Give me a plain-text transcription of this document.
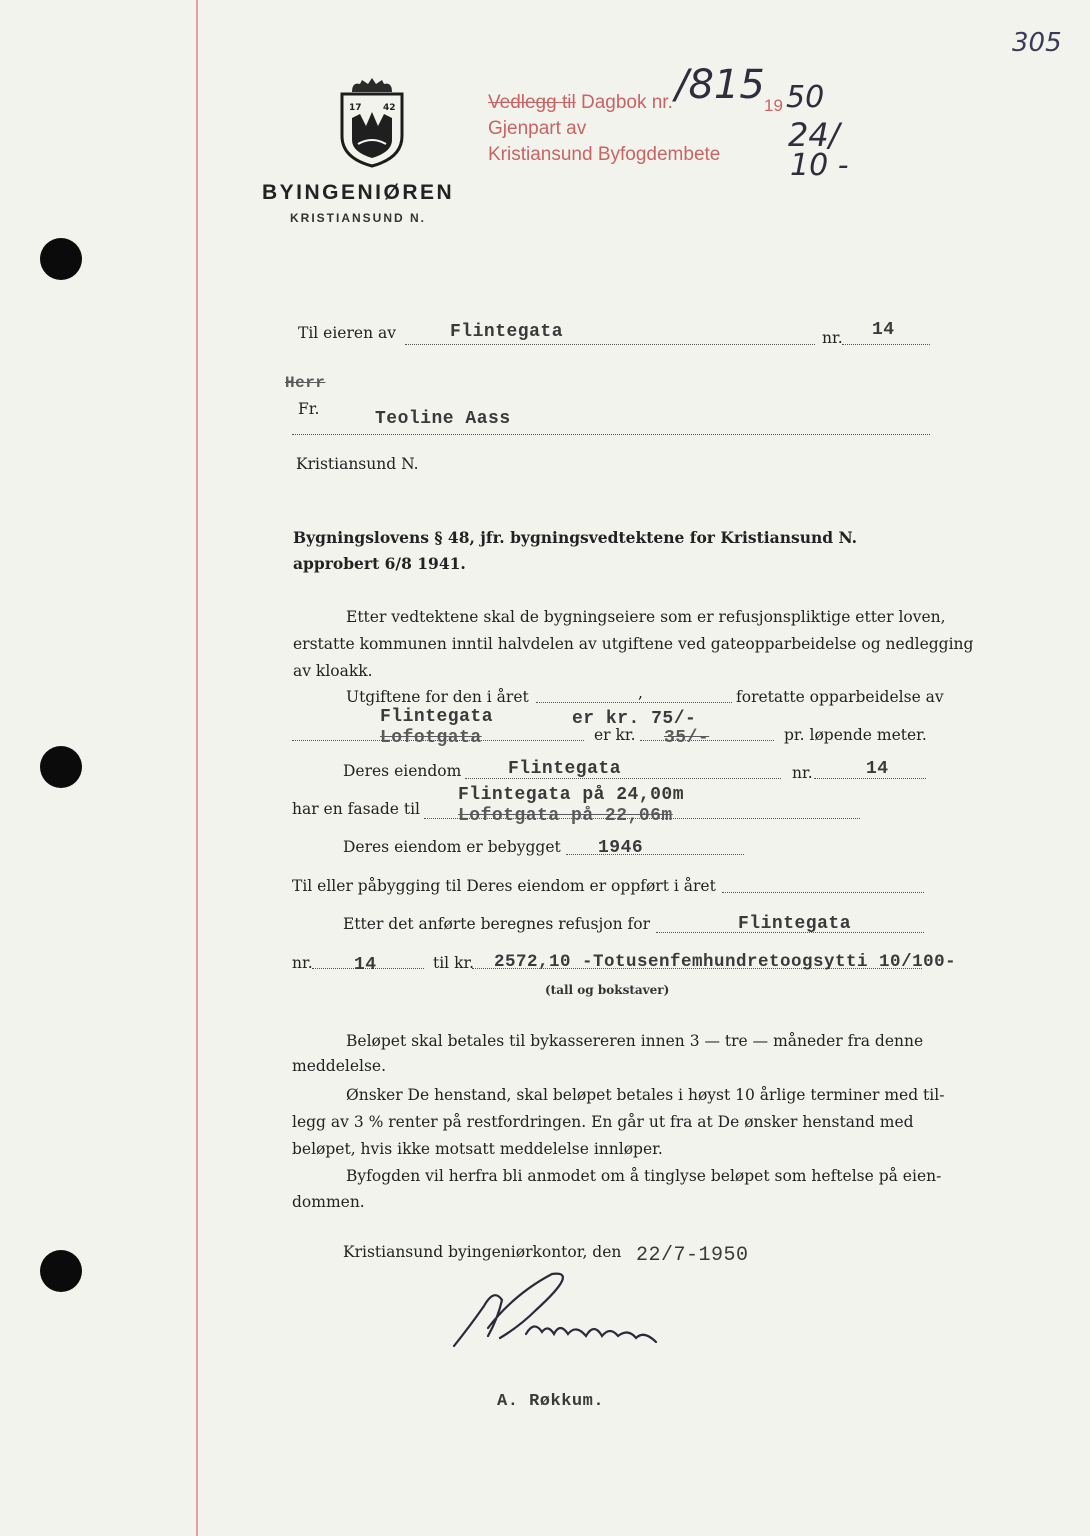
305
17 42
BYINGENIØREN
KRISTIANSUND N.
Vedlegg til Dagbok nr.
Gjenpart av
Kristiansund Byfogdembete
/815 19 50
24/
10 -
Til eieren av	Flintegata	nr. 14
Herr
Fr.	Teoline Aass
Kristiansund N.
Bygningslovens § 48, jfr. bygningsvedtektene for Kristiansund N.
approbert 6/8 1941.
Etter vedtektene skal de bygningseiere som er refusjonspliktige etter loven,
erstatte kommunen inntil halvdelen av utgiftene ved gateopparbeidelse og nedlegging
av kloakk.
Utgiftene for den i året	,	foretatte opparbeidelse av
Flintegata	er kr. 75/-
Lofotgata	er kr. 35/-	pr. løpende meter.
Deres eiendom	Flintegata	nr.	14
har en fasade til
Flintegata på 24,00m
Lofotgata på 22,06m
Deres eiendom er bebygget 1946
Til eller påbygging til Deres eiendom er oppført i året
Etter det anførte beregnes refusjon for	Flintegata
nr. 14	til kr. 2572,10 -Totusenfemhundretoogsytti 10/100-
(tall og bokstaver)
Beløpet skal betales til bykassereren innen 3 — tre — måneder fra denne
meddelelse.
Ønsker De henstand, skal beløpet betales i høyst 10 årlige terminer med til-
legg av 3 % renter på restfordringen. En går ut fra at De ønsker henstand med
beløpet, hvis ikke motsatt meddelelse innløper.
Byfogden vil herfra bli anmodet om å tinglyse beløpet som heftelse på eien-
dommen.
Kristiansund byingeniørkontor, den 22/7-1950
A. Røkkum
A. Røkkum.
